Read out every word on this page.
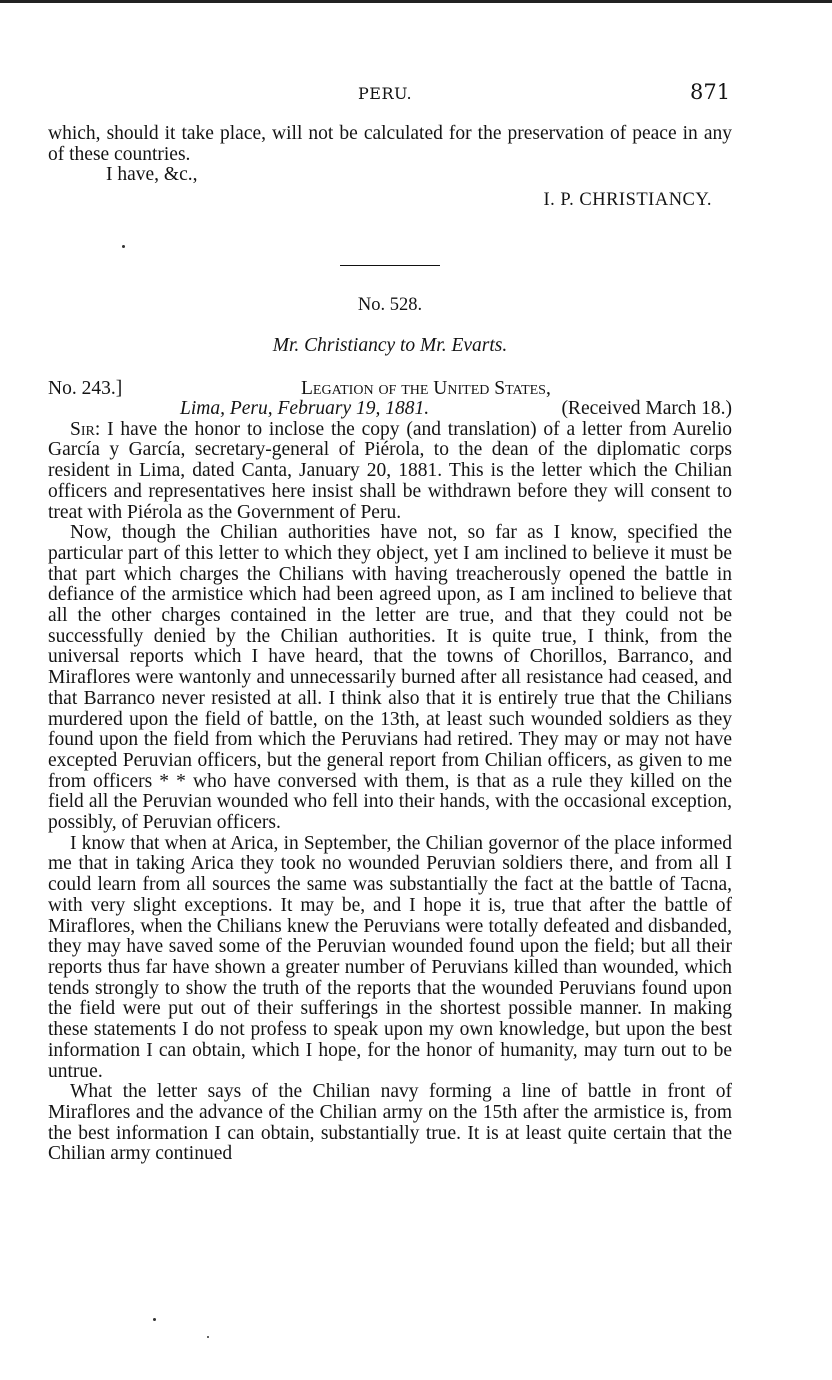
PERU.	871

which, should it take place, will not be calculated for the preservation of peace in any of these countries.

I have, &c.,

I. P. CHRISTIANCY.

No. 528.

Mr. Christiancy to Mr. Evarts.

No. 243.]	Legation of the United States,
Lima, Peru, February 19, 1881.	(Received March 18.)

Sir: I have the honor to inclose the copy (and translation) of a letter from Aurelio García y García, secretary-general of Piérola, to the dean of the diplomatic corps resident in Lima, dated Canta, January 20, 1881. This is the letter which the Chilian officers and representatives here insist shall be withdrawn before they will consent to treat with Piérola as the Government of Peru.

Now, though the Chilian authorities have not, so far as I know, specified the particular part of this letter to which they object, yet I am inclined to believe it must be that part which charges the Chilians with having treacherously opened the battle in defiance of the armistice which had been agreed upon, as I am inclined to believe that all the other charges contained in the letter are true, and that they could not be successfully denied by the Chilian authorities. It is quite true, I think, from the universal reports which I have heard, that the towns of Chorillos, Barranco, and Miraflores were wantonly and unnecessarily burned after all resistance had ceased, and that Barranco never resisted at all. I think also that it is entirely true that the Chilians murdered upon the field of battle, on the 13th, at least such wounded soldiers as they found upon the field from which the Peruvians had retired. They may or may not have excepted Peruvian officers, but the general report from Chilian officers, as given to me from officers * * who have conversed with them, is that as a rule they killed on the field all the Peruvian wounded who fell into their hands, with the occasional exception, possibly, of Peruvian officers.

I know that when at Arica, in September, the Chilian governor of the place informed me that in taking Arica they took no wounded Peruvian soldiers there, and from all I could learn from all sources the same was substantially the fact at the battle of Tacna, with very slight exceptions. It may be, and I hope it is, true that after the battle of Miraflores, when the Chilians knew the Peruvians were totally defeated and disbanded, they may have saved some of the Peruvian wounded found upon the field; but all their reports thus far have shown a greater number of Peruvians killed than wounded, which tends strongly to show the truth of the reports that the wounded Peruvians found upon the field were put out of their sufferings in the shortest possible manner. In making these statements I do not profess to speak upon my own knowledge, but upon the best information I can obtain, which I hope, for the honor of humanity, may turn out to be untrue.

What the letter says of the Chilian navy forming a line of battle in front of Miraflores and the advance of the Chilian army on the 15th after the armistice is, from the best information I can obtain, substantially true. It is at least quite certain that the Chilian army continued
